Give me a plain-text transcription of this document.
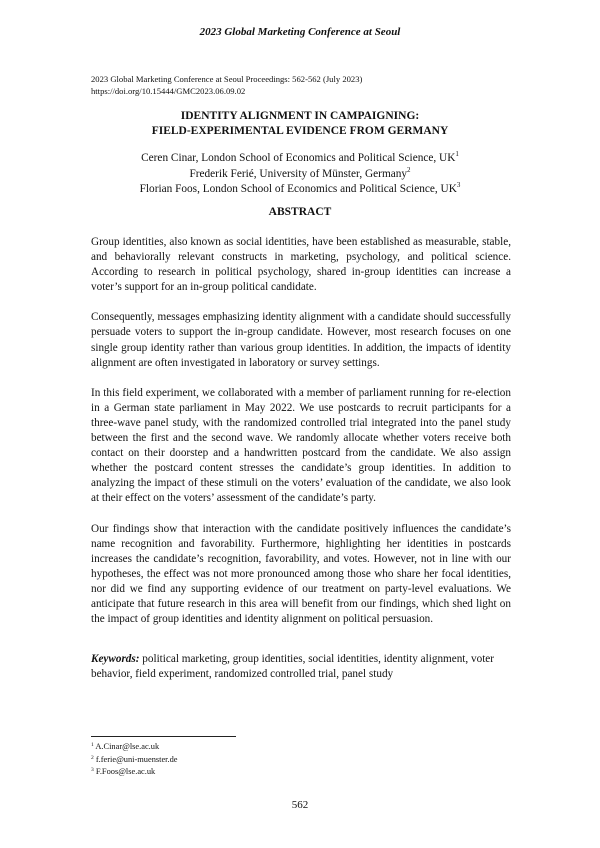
2023 Global Marketing Conference at Seoul
2023 Global Marketing Conference at Seoul Proceedings: 562-562 (July 2023)
https://doi.org/10.15444/GMC2023.06.09.02
IDENTITY ALIGNMENT IN CAMPAIGNING:
FIELD-EXPERIMENTAL EVIDENCE FROM GERMANY
Ceren Cinar, London School of Economics and Political Science, $UK^1$
Frederik Ferié, University of Münster, Germany$^2$
Florian Foos, London School of Economics and Political Science, $UK^3$
ABSTRACT

Group identities, also known as social identities, have been established as measurable, stable, and behaviorally relevant constructs in marketing, psychology, and political science. According to research in political psychology, shared in-group identities can increase a voter’s support for an in-group political candidate.

Consequently, messages emphasizing identity alignment with a candidate should successfully persuade voters to support the in-group candidate. However, most research focuses on one single group identity rather than various group identities. In addition, the impacts of identity alignment are often investigated in laboratory or survey settings.

In this field experiment, we collaborated with a member of parliament running for re-election in a German state parliament in May 2022. We use postcards to recruit participants for a three-wave panel study, with the randomized controlled trial integrated into the panel study between the first and the second wave. We randomly allocate whether voters receive both contact on their doorstep and a handwritten postcard from the candidate. We also assign whether the postcard content stresses the candidate’s group identities. In addition to analyzing the impact of these stimuli on the voters’ evaluation of the candidate, we also look at their effect on the voters’ assessment of the candidate’s party.

Our findings show that interaction with the candidate positively influences the candidate’s name recognition and favorability. Furthermore, highlighting her identities in postcards increases the candidate’s recognition, favorability, and votes. However, not in line with our hypotheses, the effect was not more pronounced among those who share her focal identities, nor did we find any supporting evidence of our treatment on party-level evaluations. We anticipate that future research in this area will benefit from our findings, which shed light on the impact of group identities and identity alignment on political persuasion.

Keywords: political marketing, group identities, social identities, identity alignment, voter behavior, field experiment, randomized controlled trial, panel study
$^1$ A.Cinar@lse.ac.uk
$^2$ f.ferie@uni-muenster.de
$^3$ F.Foos@lse.ac.uk
562
